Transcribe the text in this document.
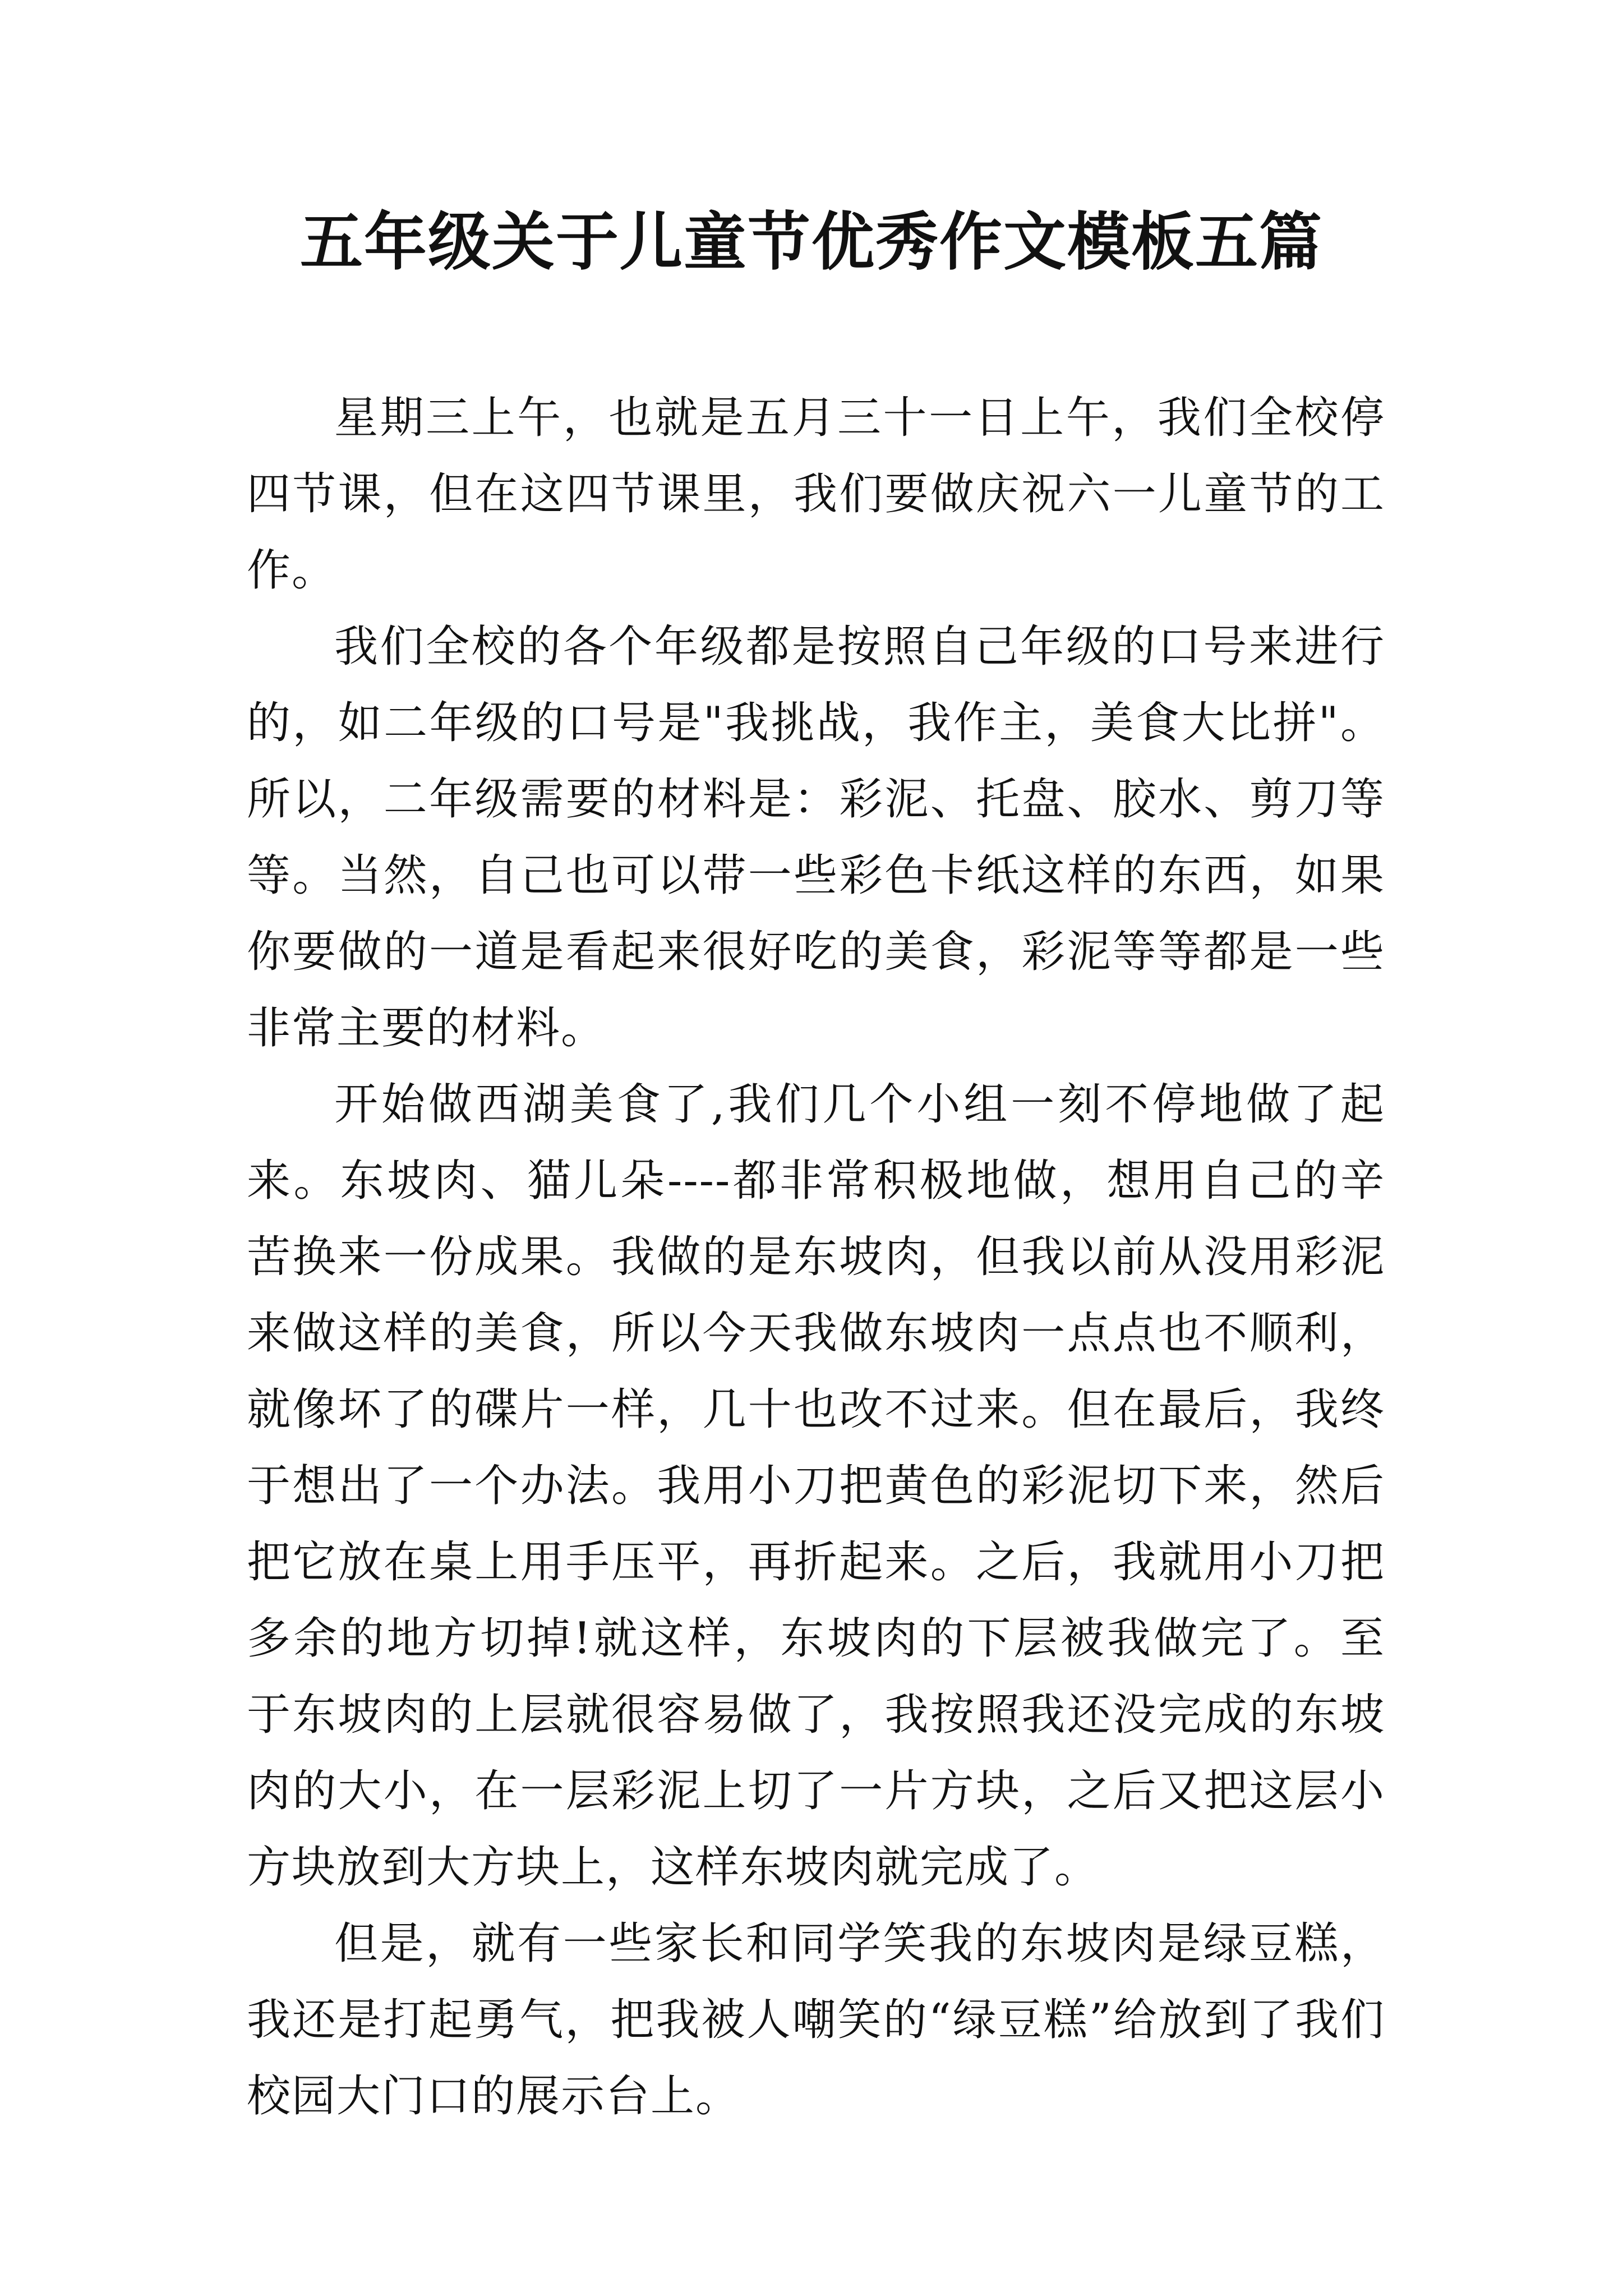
五年级关于儿童节优秀作文模板五篇

星期三上午，也就是五月三十一日上午，我们全校停四节课，但在这四节课里，我们要做庆祝六一儿童节的工作。

我们全校的各个年级都是按照自己年级的口号来进行的，如二年级的口号是"我挑战，我作主，美食大比拼"。所以，二年级需要的材料是：彩泥、托盘、胶水、剪刀等等。当然，自己也可以带一些彩色卡纸这样的东西，如果你要做的一道是看起来很好吃的美食，彩泥等等都是一些非常主要的材料。

开始做西湖美食了,我们几个小组一刻不停地做了起来。东坡肉、猫儿朵----都非常积极地做，想用自己的辛苦换来一份成果。我做的是东坡肉，但我以前从没用彩泥来做这样的美食，所以今天我做东坡肉一点点也不顺利，就像坏了的碟片一样，几十也改不过来。但在最后，我终于想出了一个办法。我用小刀把黄色的彩泥切下来，然后把它放在桌上用手压平，再折起来。之后，我就用小刀把多余的地方切掉!就这样，东坡肉的下层被我做完了。至于东坡肉的上层就很容易做了，我按照我还没完成的东坡肉的大小，在一层彩泥上切了一片方块，之后又把这层小方块放到大方块上，这样东坡肉就完成了。

但是，就有一些家长和同学笑我的东坡肉是绿豆糕，我还是打起勇气，把我被人嘲笑的“绿豆糕”给放到了我们校园大门口的展示台上。
